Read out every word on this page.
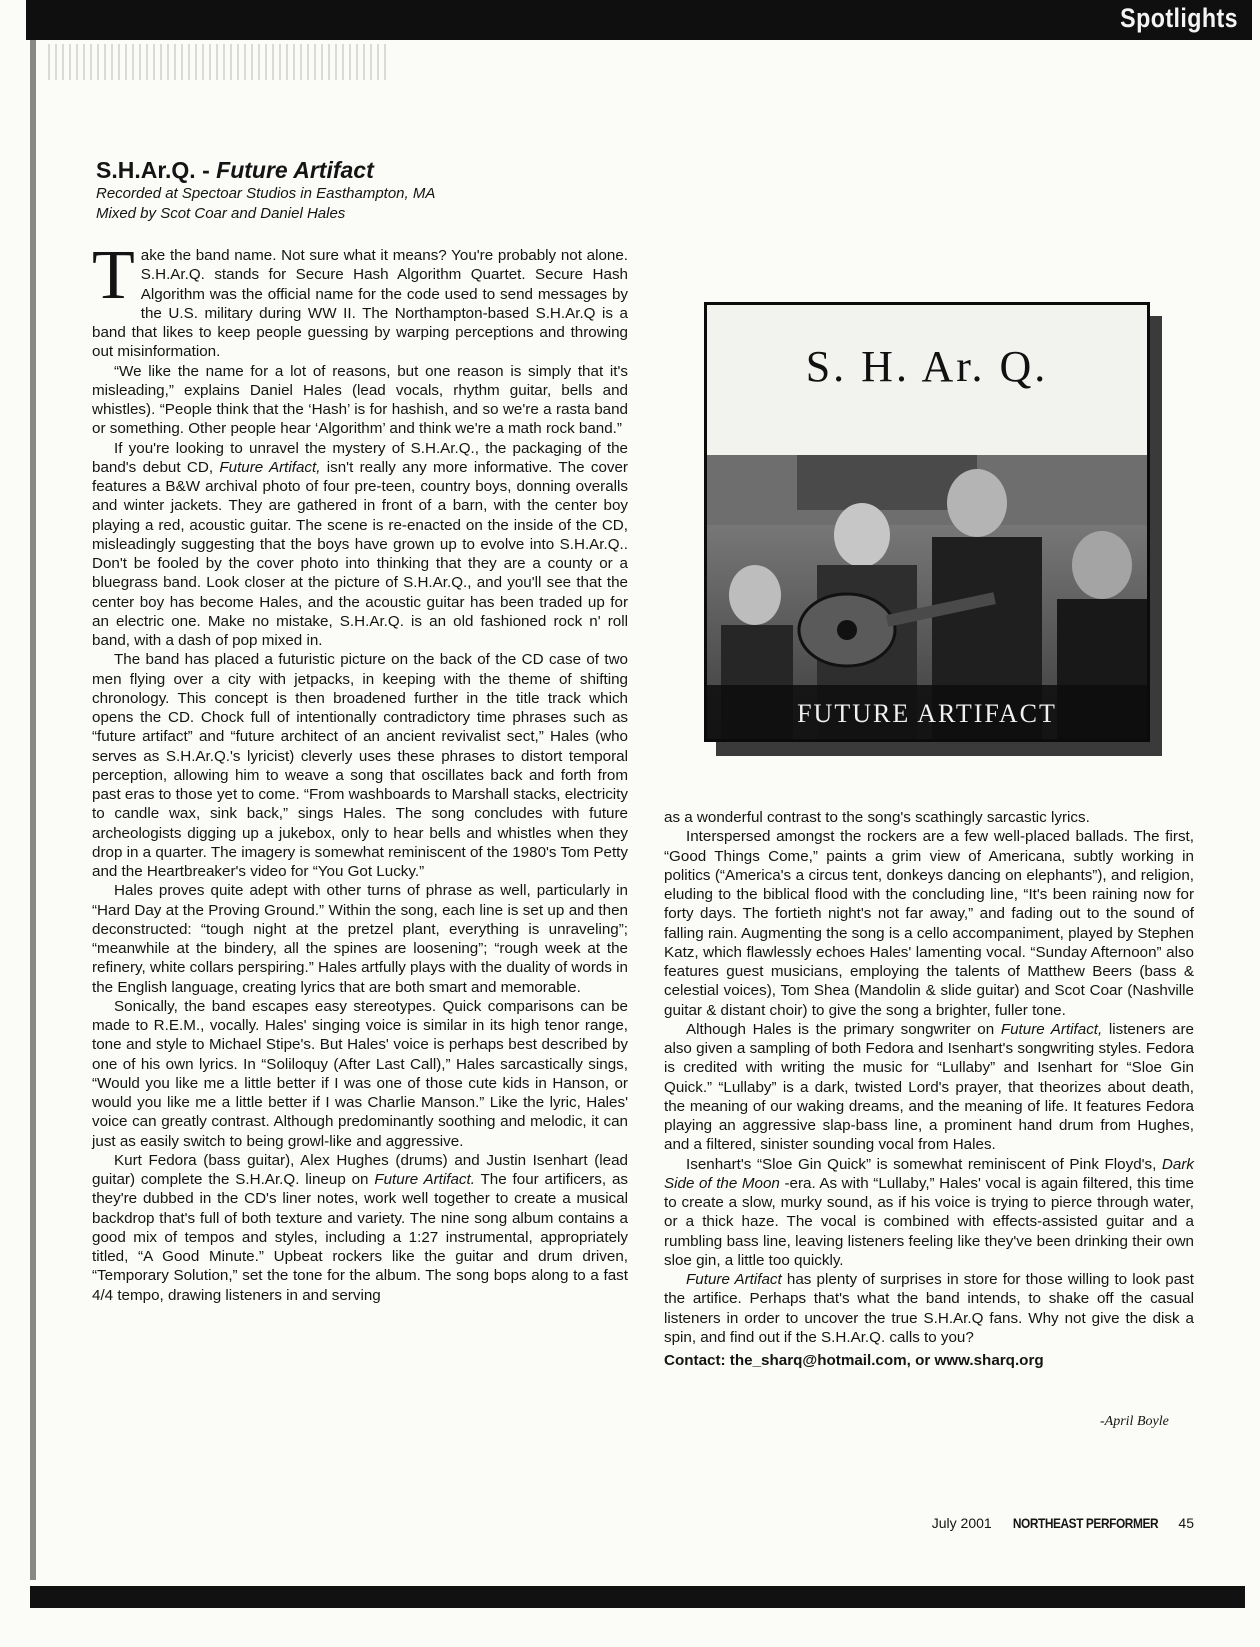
Spotlights
S.H.Ar.Q. - Future Artifact
Recorded at Spectoar Studios in Easthampton, MA
Mixed by Scot Coar and Daniel Hales

Take the band name. Not sure what it means? You're probably not alone. S.H.Ar.Q. stands for Secure Hash Algorithm Quartet. Secure Hash Algorithm was the official name for the code used to send messages by the U.S. military during WW II. The Northampton-based S.H.Ar.Q is a band that likes to keep people guessing by warping perceptions and throwing out misinformation.

“We like the name for a lot of reasons, but one reason is simply that it's misleading,” explains Daniel Hales (lead vocals, rhythm guitar, bells and whistles). “People think that the ‘Hash’ is for hashish, and so we're a rasta band or something. Other people hear ‘Algorithm’ and think we're a math rock band.”

If you're looking to unravel the mystery of S.H.Ar.Q., the packaging of the band's debut CD, Future Artifact, isn't really any more informative. The cover features a B&W archival photo of four pre-teen, country boys, donning overalls and winter jackets. They are gathered in front of a barn, with the center boy playing a red, acoustic guitar. The scene is re-enacted on the inside of the CD, misleadingly suggesting that the boys have grown up to evolve into S.H.Ar.Q.. Don't be fooled by the cover photo into thinking that they are a county or a bluegrass band. Look closer at the picture of S.H.Ar.Q., and you'll see that the center boy has become Hales, and the acoustic guitar has been traded up for an electric one. Make no mistake, S.H.Ar.Q. is an old fashioned rock n' roll band, with a dash of pop mixed in.

The band has placed a futuristic picture on the back of the CD case of two men flying over a city with jetpacks, in keeping with the theme of shifting chronology. This concept is then broadened further in the title track which opens the CD. Chock full of intentionally contradictory time phrases such as “future artifact” and “future architect of an ancient revivalist sect,” Hales (who serves as S.H.Ar.Q.'s lyricist) cleverly uses these phrases to distort temporal perception, allowing him to weave a song that oscillates back and forth from past eras to those yet to come. “From washboards to Marshall stacks, electricity to candle wax, sink back,” sings Hales. The song concludes with future archeologists digging up a jukebox, only to hear bells and whistles when they drop in a quarter. The imagery is somewhat reminiscent of the 1980's Tom Petty and the Heartbreaker's video for “You Got Lucky.”

Hales proves quite adept with other turns of phrase as well, particularly in “Hard Day at the Proving Ground.” Within the song, each line is set up and then deconstructed: “tough night at the pretzel plant, everything is unraveling”; “meanwhile at the bindery, all the spines are loosening”; “rough week at the refinery, white collars perspiring.” Hales artfully plays with the duality of words in the English language, creating lyrics that are both smart and memorable.

Sonically, the band escapes easy stereotypes. Quick comparisons can be made to R.E.M., vocally. Hales' singing voice is similar in its high tenor range, tone and style to Michael Stipe's. But Hales' voice is perhaps best described by one of his own lyrics. In “Soliloquy (After Last Call),” Hales sarcastically sings, “Would you like me a little better if I was one of those cute kids in Hanson, or would you like me a little better if I was Charlie Manson.” Like the lyric, Hales' voice can greatly contrast. Although predominantly soothing and melodic, it can just as easily switch to being growl-like and aggressive.

Kurt Fedora (bass guitar), Alex Hughes (drums) and Justin Isenhart (lead guitar) complete the S.H.Ar.Q. lineup on Future Artifact. The four artificers, as they're dubbed in the CD's liner notes, work well together to create a musical backdrop that's full of both texture and variety. The nine song album contains a good mix of tempos and styles, including a 1:27 instrumental, appropriately titled, “A Good Minute.” Upbeat rockers like the guitar and drum driven, “Temporary Solution,” set the tone for the album. The song bops along to a fast 4/4 tempo, drawing listeners in and serving

S. H. Ar. Q.
FUTURE ARTIFACT

as a wonderful contrast to the song's scathingly sarcastic lyrics.

Interspersed amongst the rockers are a few well-placed ballads. The first, “Good Things Come,” paints a grim view of Americana, subtly working in politics (“America's a circus tent, donkeys dancing on elephants”), and religion, eluding to the biblical flood with the concluding line, “It's been raining now for forty days. The fortieth night's not far away,” and fading out to the sound of falling rain. Augmenting the song is a cello accompaniment, played by Stephen Katz, which flawlessly echoes Hales' lamenting vocal. “Sunday Afternoon” also features guest musicians, employing the talents of Matthew Beers (bass & celestial voices), Tom Shea (Mandolin & slide guitar) and Scot Coar (Nashville guitar & distant choir) to give the song a brighter, fuller tone.

Although Hales is the primary songwriter on Future Artifact, listeners are also given a sampling of both Fedora and Isenhart's songwriting styles. Fedora is credited with writing the music for “Lullaby” and Isenhart for “Sloe Gin Quick.” “Lullaby” is a dark, twisted Lord's prayer, that theorizes about death, the meaning of our waking dreams, and the meaning of life. It features Fedora playing an aggressive slap-bass line, a prominent hand drum from Hughes, and a filtered, sinister sounding vocal from Hales.

Isenhart's “Sloe Gin Quick” is somewhat reminiscent of Pink Floyd's, Dark Side of the Moon -era. As with “Lullaby,” Hales' vocal is again filtered, this time to create a slow, murky sound, as if his voice is trying to pierce through water, or a thick haze. The vocal is combined with effects-assisted guitar and a rumbling bass line, leaving listeners feeling like they've been drinking their own sloe gin, a little too quickly.

Future Artifact has plenty of surprises in store for those willing to look past the artifice. Perhaps that's what the band intends, to shake off the casual listeners in order to uncover the true S.H.Ar.Q fans. Why not give the disk a spin, and find out if the S.H.Ar.Q. calls to you?

Contact: the_sharq@hotmail.com, or www.sharq.org

-April Boyle
July 2001 NORTHEAST PERFORMER 45
